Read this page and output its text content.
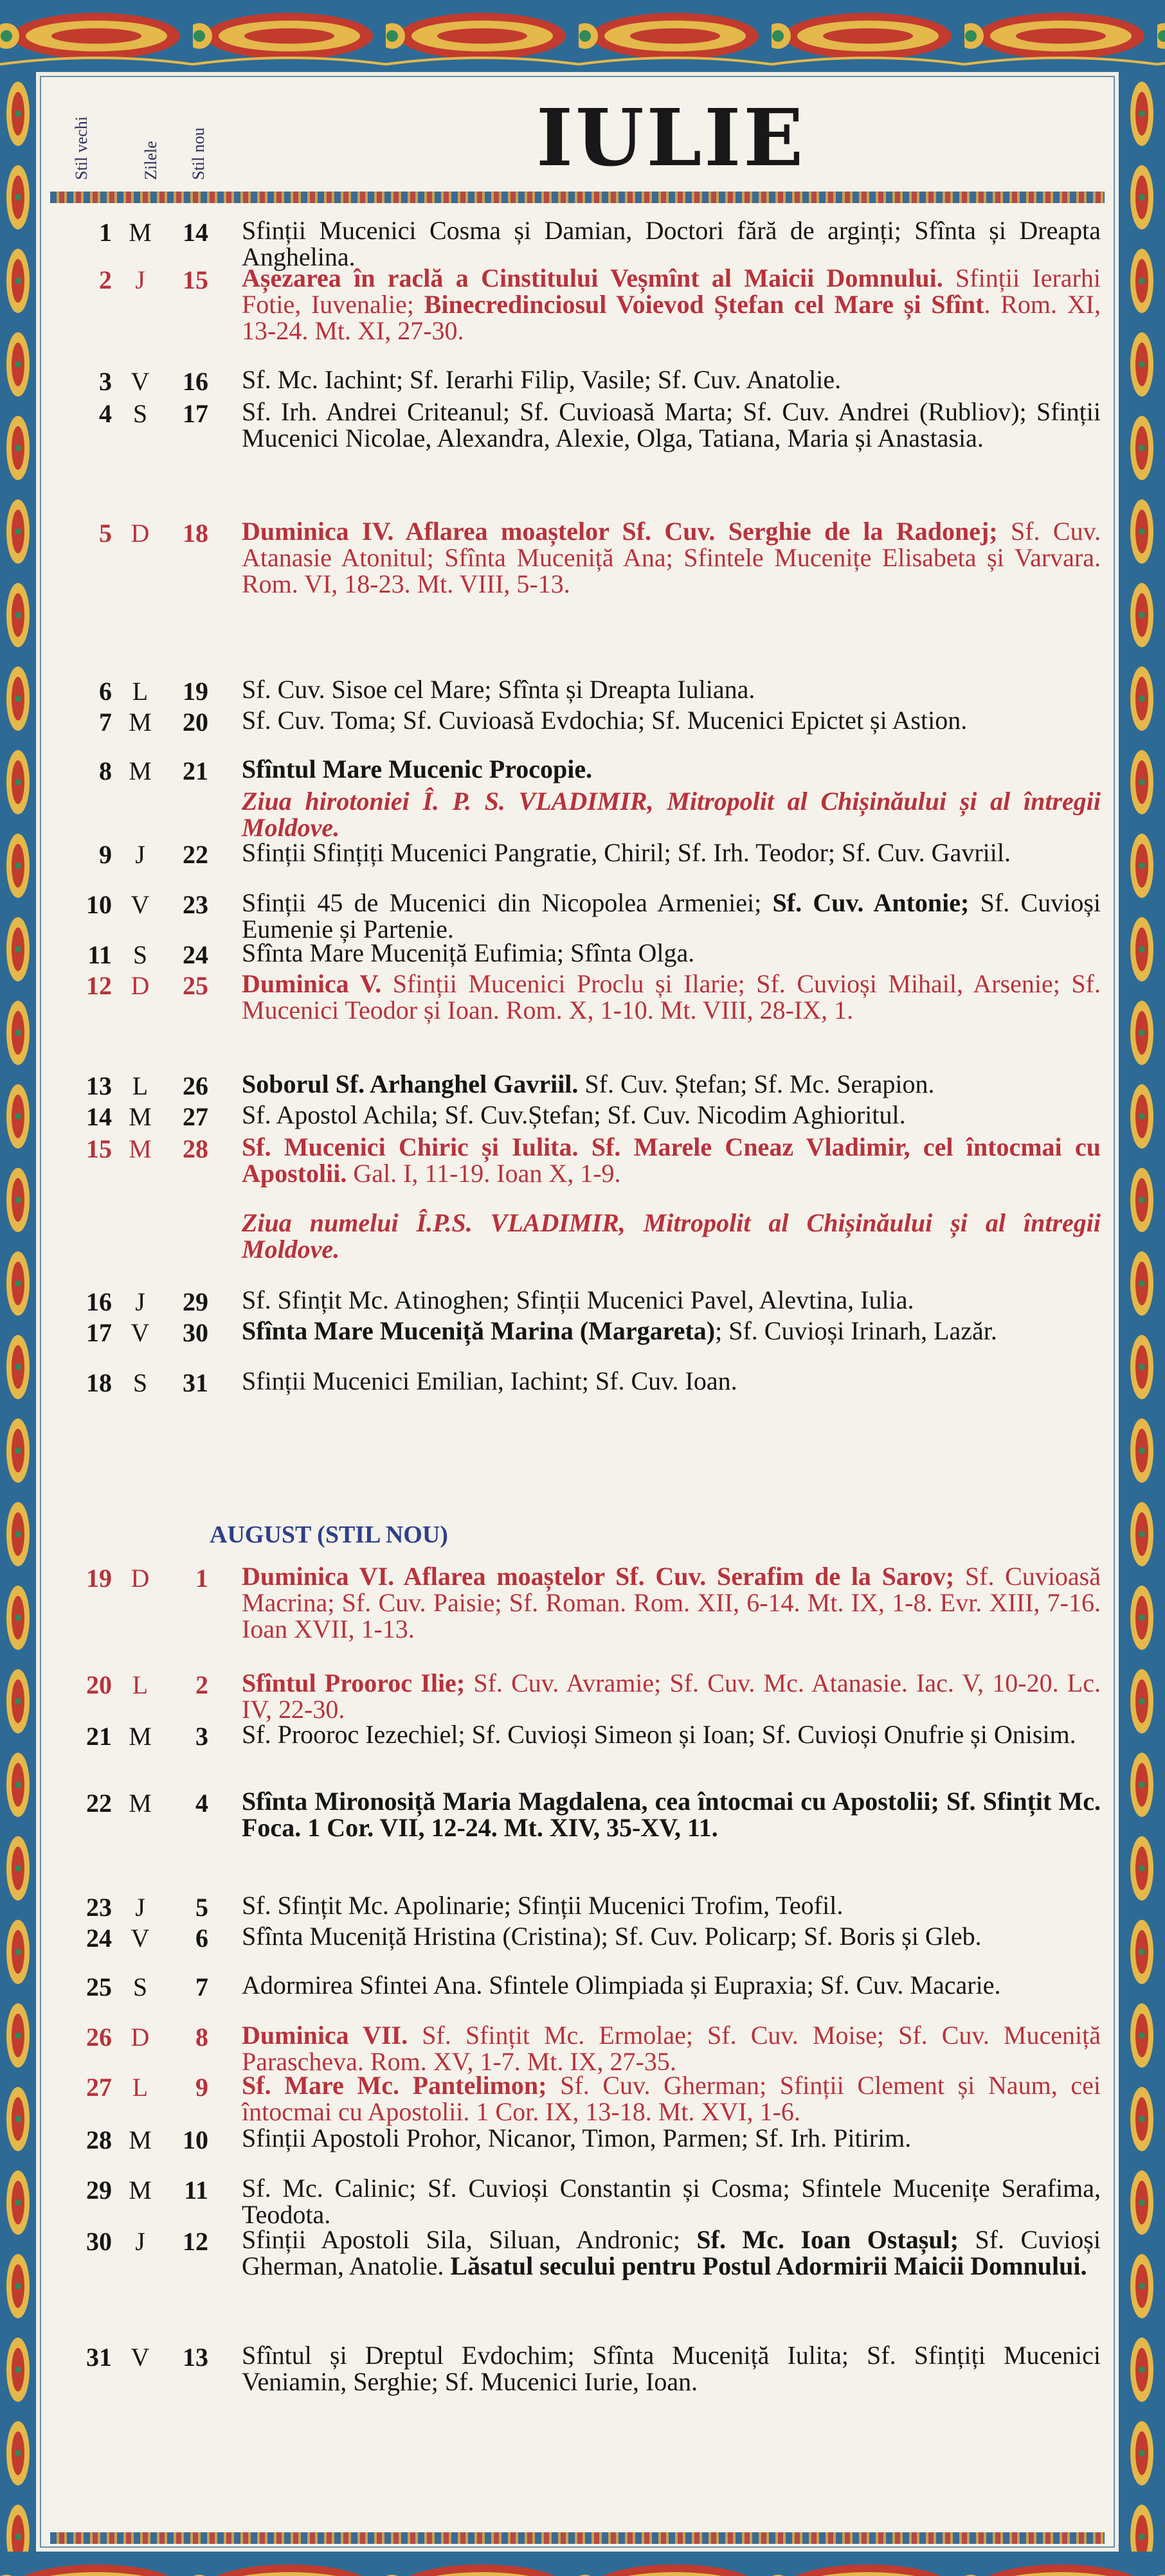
Stil vechi	Zilele Stil nou	IULIE
1 M	14 Sfinții Mucenici Cosma și Damian, Doctori fără de arginți; Sfînta și Dreapta Anghelina.
2 J	15 Așezarea în raclă a Cinstitului Veșmînt al Maicii Domnului. Sfinții Ierarhi Fotie, Iuvenalie; Binecredinciosul Voievod Ștefan cel Mare și Sfînt. Rom. XI, 13-24. Mt. XI, 27-30.
3 V	16 Sf. Mc. Iachint; Sf. Ierarhi Filip, Vasile; Sf. Cuv. Anatolie.
4 S	17 Sf. Irh. Andrei Criteanul; Sf. Cuvioasă Marta; Sf. Cuv. Andrei (Rubliov); Sfinții Mucenici Nicolae, Alexandra, Alexie, Olga, Tatiana, Maria și Anastasia.
5 D	18 Duminica IV. Aflarea moaștelor Sf. Cuv. Serghie de la Radonej; Sf. Cuv. Atanasie Atonitul; Sfînta Muceniță Ana; Sfintele Mucenițe Elisabeta și Varvara. Rom. VI, 18-23. Mt. VIII, 5-13.
6 L	19 Sf. Cuv. Sisoe cel Mare; Sfînta și Dreapta Iuliana.
7 M	20 Sf. Cuv. Toma; Sf. Cuvioasă Evdochia; Sf. Mucenici Epictet și Astion.
8 M	21 Sfîntul Mare Mucenic Procopie.
Ziua hirotoniei Î. P. S. VLADIMIR, Mitropolit al Chișinăului și al întregii Moldove.
9 J	22 Sfinții Sfințiți Mucenici Pangratie, Chiril; Sf. Irh. Teodor; Sf. Cuv. Gavriil.
10 V	23 Sfinții 45 de Mucenici din Nicopolea Armeniei; Sf. Cuv. Antonie; Sf. Cuvioși Eumenie și Partenie.
11 S	24 Sfînta Mare Muceniță Eufimia; Sfînta Olga.
12 D	25 Duminica V. Sfinții Mucenici Proclu și Ilarie; Sf. Cuvioși Mihail, Arsenie; Sf. Mucenici Teodor și Ioan. Rom. X, 1-10. Mt. VIII, 28-IX, 1.
13 L	26 Soborul Sf. Arhanghel Gavriil. Sf. Cuv. Ștefan; Sf. Mc. Serapion.
14 M	27 Sf. Apostol Achila; Sf. Cuv.Ștefan; Sf. Cuv. Nicodim Aghioritul.
15 M	28 Sf. Mucenici Chiric și Iulita. Sf. Marele Cneaz Vladimir, cel întocmai cu Apostolii. Gal. I, 11-19. Ioan X, 1-9.
Ziua numelui Î.P.S. VLADIMIR, Mitropolit al Chișinăului și al întregii Moldove.
16 J	29 Sf. Sfințit Mc. Atinoghen; Sfinții Mucenici Pavel, Alevtina, Iulia.
17 V	30 Sfînta Mare Muceniță Marina (Margareta); Sf. Cuvioși Irinarh, Lazăr.
18 S	31 Sfinții Mucenici Emilian, Iachint; Sf. Cuv. Ioan.
19 D	1 Duminica VI. Aflarea moaștelor Sf. Cuv. Serafim de la Sarov; Sf. Cuvioasă Macrina; Sf. Cuv. Paisie; Sf. Roman. Rom. XII, 6-14. Mt. IX, 1-8. Evr. XIII, 7-16. Ioan XVII, 1-13.
20 L	2 Sfîntul Prooroc Ilie; Sf. Cuv. Avramie; Sf. Cuv. Mc. Atanasie. Iac. V, 10-20. Lc. IV, 22-30.
21 M	3 Sf. Prooroc Iezechiel; Sf. Cuvioși Simeon și Ioan; Sf. Cuvioși Onufrie și Onisim.
22 M	4 Sfînta Mironosiță Maria Magdalena, cea întocmai cu Apostolii; Sf. Sfințit Mc. Foca. 1 Cor. VII, 12-24. Mt. XIV, 35-XV, 11.
23 J	5 Sf. Sfințit Mc. Apolinarie; Sfinții Mucenici Trofim, Teofil.
24 V	6 Sfînta Muceniță Hristina (Cristina); Sf. Cuv. Policarp; Sf. Boris și Gleb.
25 S	7 Adormirea Sfintei Ana. Sfintele Olimpiada și Eupraxia; Sf. Cuv. Macarie.
26 D	8 Duminica VII. Sf. Sfințit Mc. Ermolae; Sf. Cuv. Moise; Sf. Cuv. Muceniță Parascheva. Rom. XV, 1-7. Mt. IX, 27-35.
27 L	9 Sf. Mare Mc. Pantelimon; Sf. Cuv. Gherman; Sfinții Clement și Naum, cei întocmai cu Apostolii. 1 Cor. IX, 13-18. Mt. XVI, 1-6.
28 M	10 Sfinții Apostoli Prohor, Nicanor, Timon, Parmen; Sf. Irh. Pitirim.
29 M	11 Sf. Mc. Calinic; Sf. Cuvioși Constantin și Cosma; Sfintele Mucenițe Serafima, Teodota.
30 J	12 Sfinții Apostoli Sila, Siluan, Andronic; Sf. Mc. Ioan Ostașul; Sf. Cuvioși Gherman, Anatolie. Lăsatul secului pentru Postul Adormirii Maicii Domnului.
31 V	13 Sfîntul și Dreptul Evdochim; Sfînta Muceniță Iulita; Sf. Sfințiți Mucenici Veniamin, Serghie; Sf. Mucenici Iurie, Ioan.
AUGUST (STIL NOU)
